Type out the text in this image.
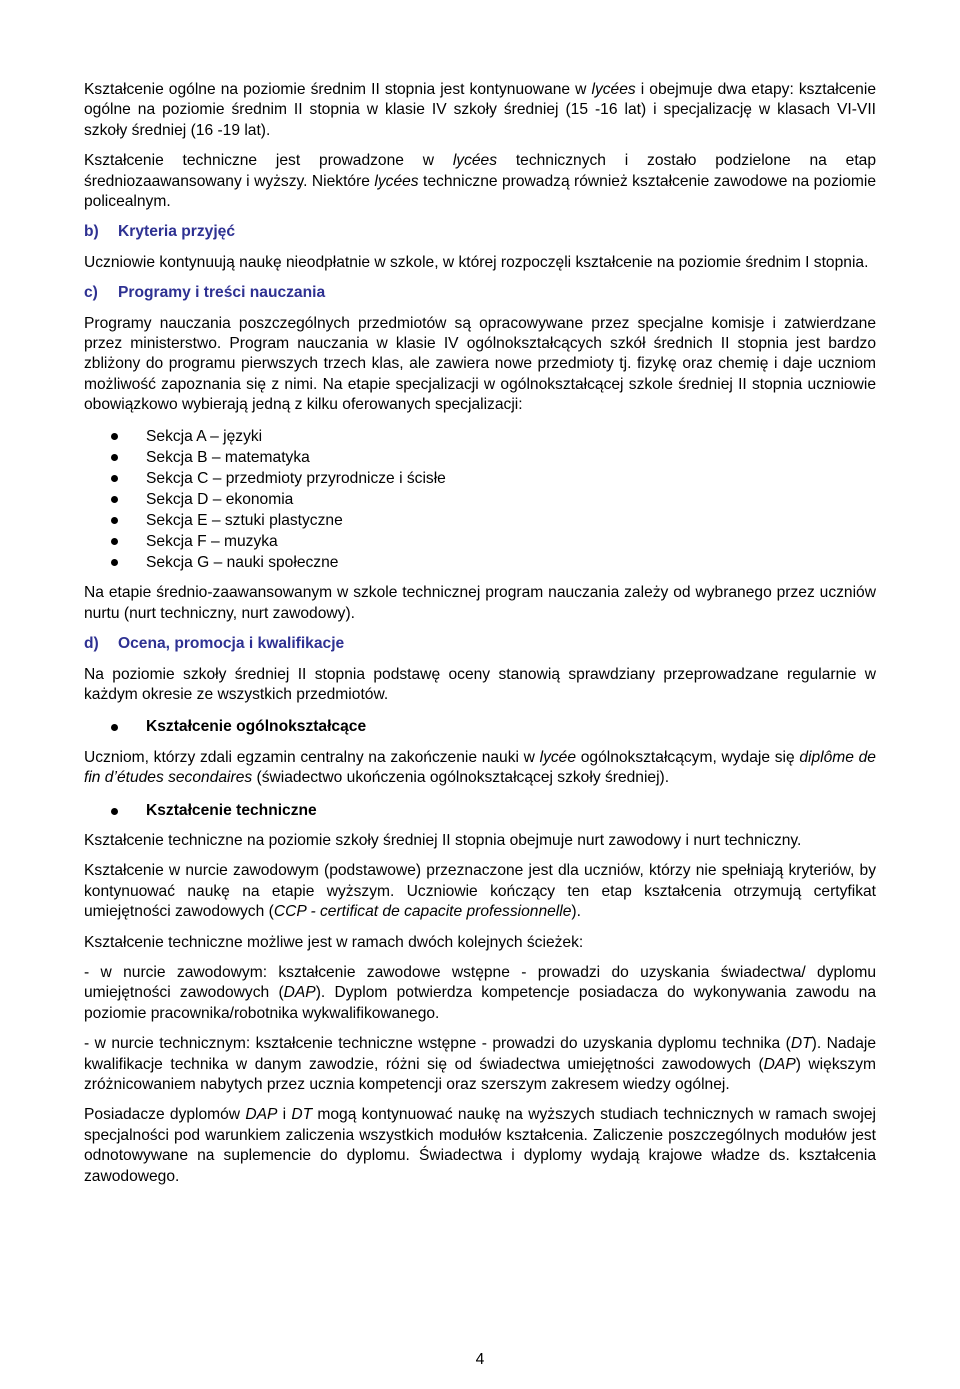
Kształcenie ogólne na poziomie średnim II stopnia jest kontynuowane w lycées i obejmuje dwa etapy: kształcenie ogólne na poziomie średnim II stopnia w klasie IV szkoły średniej (15 -16 lat) i specjalizację w klasach VI-VII szkoły średniej (16 -19 lat).

Kształcenie techniczne jest prowadzone w lycées technicznych i zostało podzielone na etap średniozaawansowany i wyższy. Niektóre lycées techniczne prowadzą również kształcenie zawodowe na poziomie policealnym.

b) Kryteria przyjęć

Uczniowie kontynuują naukę nieodpłatnie w szkole, w której rozpoczęli kształcenie na poziomie średnim I stopnia.

c) Programy i treści nauczania

Programy nauczania poszczególnych przedmiotów są opracowywane przez specjalne komisje i zatwierdzane przez ministerstwo. Program nauczania w klasie IV ogólnokształcących szkół średnich II stopnia jest bardzo zbliżony do programu pierwszych trzech klas, ale zawiera nowe przedmioty tj. fizykę oraz chemię i daje uczniom możliwość zapoznania się z nimi. Na etapie specjalizacji w ogólnokształcącej szkole średniej II stopnia uczniowie obowiązkowo wybierają jedną z kilku oferowanych specjalizacji:

Sekcja A – języki
Sekcja B – matematyka
Sekcja C – przedmioty przyrodnicze i ścisłe
Sekcja D – ekonomia
Sekcja E – sztuki plastyczne
Sekcja F – muzyka
Sekcja G – nauki społeczne

Na etapie średnio-zaawansowanym w szkole technicznej program nauczania zależy od wybranego przez uczniów nurtu (nurt techniczny, nurt zawodowy).

d) Ocena, promocja i kwalifikacje

Na poziomie szkoły średniej II stopnia podstawę oceny stanowią sprawdziany przeprowadzane regularnie w każdym okresie ze wszystkich przedmiotów.

Kształcenie ogólnokształcące

Uczniom, którzy zdali egzamin centralny na zakończenie nauki w lycée ogólnokształcącym, wydaje się diplôme de fin d’études secondaires (świadectwo ukończenia ogólnokształcącej szkoły średniej).

Kształcenie techniczne

Kształcenie techniczne na poziomie szkoły średniej II stopnia obejmuje nurt zawodowy i nurt techniczny.

Kształcenie w nurcie zawodowym (podstawowe) przeznaczone jest dla uczniów, którzy nie spełniają kryteriów, by kontynuować naukę na etapie wyższym. Uczniowie kończący ten etap kształcenia otrzymują certyfikat umiejętności zawodowych (CCP - certificat de capacite professionnelle).

Kształcenie techniczne możliwe jest w ramach dwóch kolejnych ścieżek:

- w nurcie zawodowym: kształcenie zawodowe wstępne - prowadzi do uzyskania świadectwa/ dyplomu umiejętności zawodowych (DAP). Dyplom potwierdza kompetencje posiadacza do wykonywania zawodu na poziomie pracownika/robotnika wykwalifikowanego.

- w nurcie technicznym: kształcenie techniczne wstępne - prowadzi do uzyskania dyplomu technika (DT). Nadaje kwalifikacje technika w danym zawodzie, różni się od świadectwa umiejętności zawodowych (DAP) większym zróżnicowaniem nabytych przez ucznia kompetencji oraz szerszym zakresem wiedzy ogólnej.

Posiadacze dyplomów DAP i DT mogą kontynuować naukę na wyższych studiach technicznych w ramach swojej specjalności pod warunkiem zaliczenia wszystkich modułów kształcenia. Zaliczenie poszczególnych modułów jest odnotowywane na suplemencie do dyplomu. Świadectwa i dyplomy wydają krajowe władze ds. kształcenia zawodowego.

4
